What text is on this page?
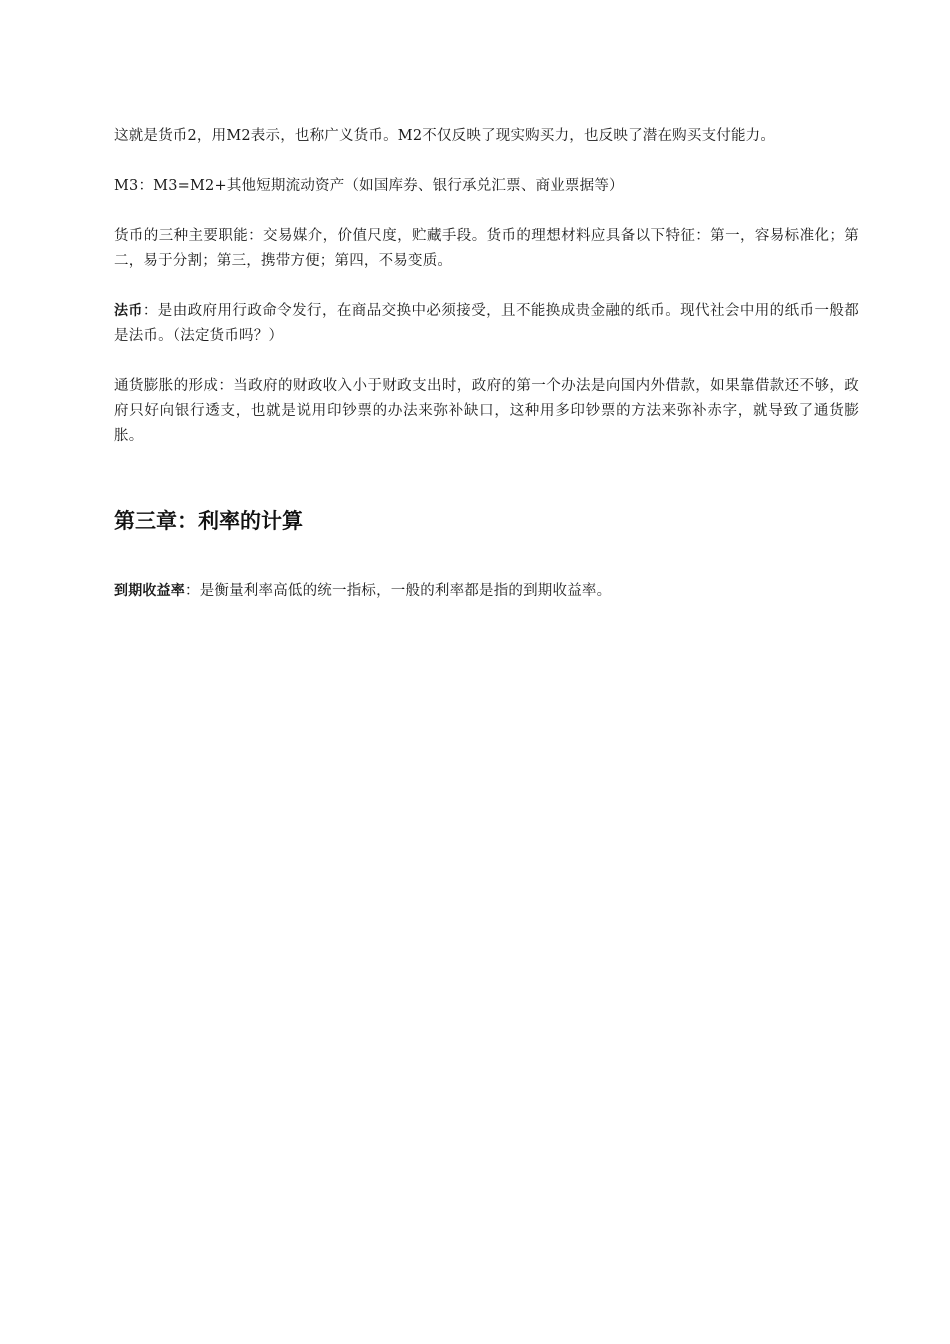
这就是货币2，用M2表示，也称广义货币。M2不仅反映了现实购买力，也反映了潜在购买支付能力。

M3：M3=M2+其他短期流动资产（如国库券、银行承兑汇票、商业票据等）

货币的三种主要职能：交易媒介，价值尺度，贮藏手段。货币的理想材料应具备以下特征：第一，容易标准化；第二，易于分割；第三，携带方便；第四，不易变质。

法币：是由政府用行政命令发行，在商品交换中必须接受，且不能换成贵金融的纸币。现代社会中用的纸币一般都是法币。（法定货币吗？）

通货膨胀的形成：当政府的财政收入小于财政支出时，政府的第一个办法是向国内外借款，如果靠借款还不够，政府只好向银行透支，也就是说用印钞票的办法来弥补缺口，这种用多印钞票的方法来弥补赤字，就导致了通货膨胀。

第三章：利率的计算

到期收益率：是衡量利率高低的统一指标，一般的利率都是指的到期收益率。
